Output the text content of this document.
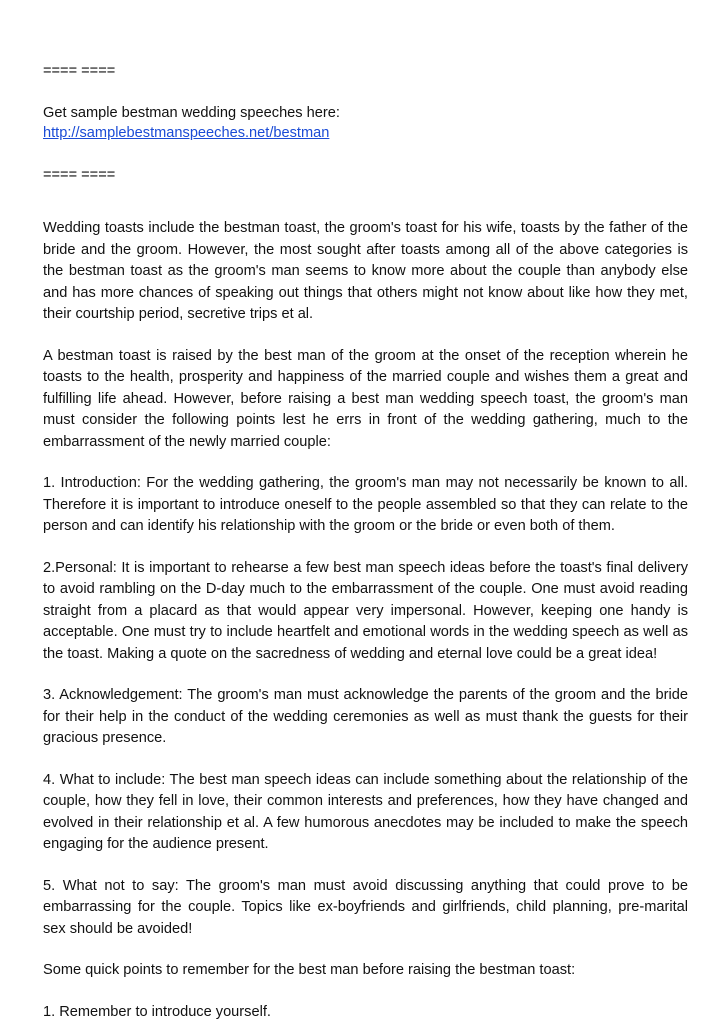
==== ====

Get sample bestman wedding speeches here:

http://samplebestmanspeeches.net/bestman

==== ====

Wedding toasts include the bestman toast, the groom's toast for his wife, toasts by the father of the bride and the groom. However, the most sought after toasts among all of the above categories is the bestman toast as the groom's man seems to know more about the couple than anybody else and has more chances of speaking out things that others might not know about like how they met, their courtship period, secretive trips et al.

A bestman toast is raised by the best man of the groom at the onset of the reception wherein he toasts to the health, prosperity and happiness of the married couple and wishes them a great and fulfilling life ahead. However, before raising a best man wedding speech toast, the groom's man must consider the following points lest he errs in front of the wedding gathering, much to the embarrassment of the newly married couple:

1. Introduction: For the wedding gathering, the groom's man may not necessarily be known to all. Therefore it is important to introduce oneself to the people assembled so that they can relate to the person and can identify his relationship with the groom or the bride or even both of them.

2.Personal: It is important to rehearse a few best man speech ideas before the toast's final delivery to avoid rambling on the D-day much to the embarrassment of the couple. One must avoid reading straight from a placard as that would appear very impersonal. However, keeping one handy is acceptable. One must try to include heartfelt and emotional words in the wedding speech as well as the toast. Making a quote on the sacredness of wedding and eternal love could be a great idea!

3. Acknowledgement: The groom's man must acknowledge the parents of the groom and the bride for their help in the conduct of the wedding ceremonies as well as must thank the guests for their gracious presence.

4. What to include: The best man speech ideas can include something about the relationship of the couple, how they fell in love, their common interests and preferences, how they have changed and evolved in their relationship et al. A few humorous anecdotes may be included to make the speech engaging for the audience present.

5. What not to say: The groom's man must avoid discussing anything that could prove to be embarrassing for the couple. Topics like ex-boyfriends and girlfriends, child planning, pre-marital sex should be avoided!

Some quick points to remember for the best man before raising the bestman toast:

1. Remember to introduce yourself.
